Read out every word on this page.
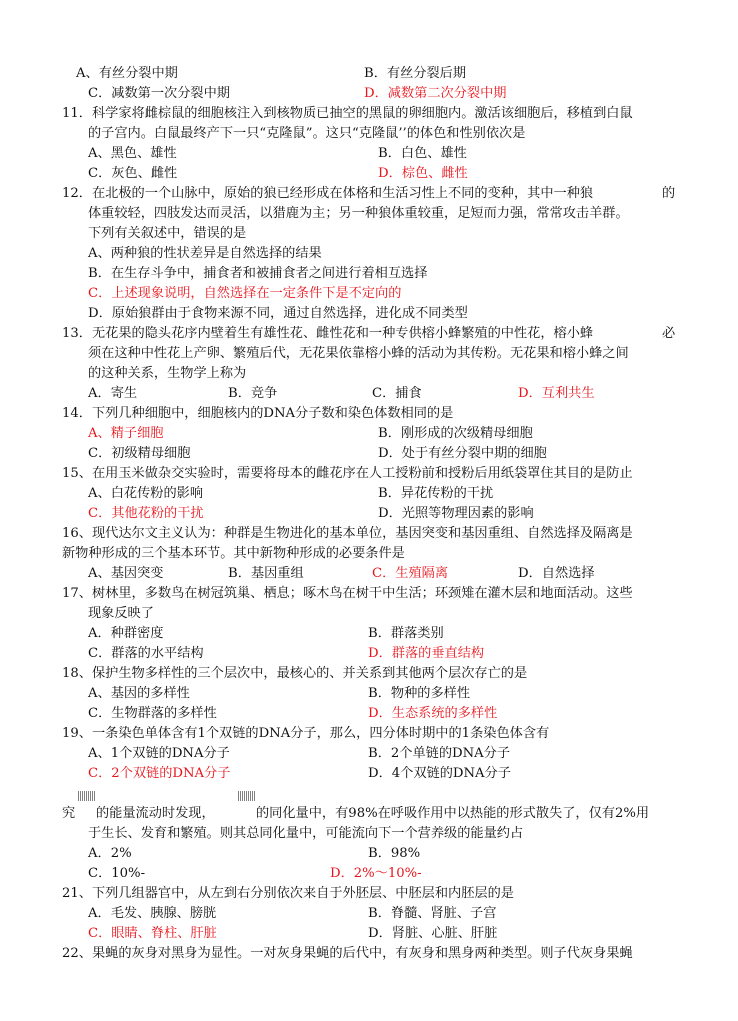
A、有丝分裂中期	B．有丝分裂后期
C．减数第一次分裂中期	D．减数第二次分裂中期
11．科学家将雌棕鼠的细胞核注入到核物质已抽空的黑鼠的卵细胞内。激活该细胞后，移植到白鼠
的子宫内。白鼠最终产下一只“克隆鼠”。这只“克隆鼠’’的体色和性别依次是
A、黑色、雄性	B．白色、雄性
C．灰色、雌性	D．棕色、雌性
12．在北极的一个山脉中，原始的狼已经形成在体格和生活习性上不同的变种，其中一种狼	的
体重较轻，四肢发达而灵活，以猎鹿为主；另一种狼体重较重，足短而力强，常常攻击羊群。
下列有关叙述中，错误的是
A、两种狼的性状差异是自然选择的结果
B．在生存斗争中，捕食者和被捕食者之间进行着相互选择
C．上述现象说明，自然选择在一定条件下是不定向的
D．原始狼群由于食物来源不同，通过自然选择，进化成不同类型
13．无花果的隐头花序内壁着生有雄性花、雌性花和一种专供榕小蜂繁殖的中性花，榕小蜂	必
须在这种中性花上产卵、繁殖后代，无花果依靠榕小蜂的活动为其传粉。无花果和榕小蜂之间
的这种关系，生物学上称为
A．寄生	B．竞争	C．捕食	D．互利共生
14．下列几种细胞中，细胞核内的DNA分子数和染色体数相同的是
A、精子细胞	B．刚形成的次级精母细胞
C．初级精母细胞	D．处于有丝分裂中期的细胞
15、在用玉米做杂交实验时，需要将母本的雌花序在人工授粉前和授粉后用纸袋罩住其目的是防止
A、白花传粉的影响	B．异花传粉的干扰
C．其他花粉的干扰	D．光照等物理因素的影响
16、现代达尔文主义认为：种群是生物进化的基本单位，基因突变和基因重组、自然选择及隔离是
新物种形成的三个基本环节。其中新物种形成的必要条件是
A、基因突变	B．基因重组	C．生殖隔离	D．自然选择
17、树林里，多数鸟在树冠筑巢、栖息；啄木鸟在树干中生活；环颈雉在灌木层和地面活动。这些
现象反映了
A．种群密度	B．群落类别
C．群落的水平结构	D．群落的垂直结构
18、保护生物多样性的三个层次中，最核心的、并关系到其他两个层次存亡的是
A、基因的多样性	B．物种的多样性
C．生物群落的多样性	D．生态系统的多样性
19、一条染色单体含有1个双链的DNA分子，那么，四分体时期中的1条染色体含有
A、1个双链的DNA分子	B．2个单链的DNA分子
C．2个双链的DNA分子	D．4个双链的DNA分子
究 的能量流动时发现，	的同化量中，有98%在呼吸作用中以热能的形式散失了，仅有2%用
于生长、发育和繁殖。则其总同化量中，可能流向下一个营养级的能量约占
A．2%	B．98%
C．10%-	D．2%～10%-
21、下列几组器官中，从左到右分别依次来自于外胚层、中胚层和内胚层的是
A．毛发、胰腺、膀胱	B．脊髓、肾脏、子宫
C．眼睛、脊柱、肝脏	D．肾脏、心脏、肝脏
22、果蝇的灰身对黑身为显性。一对灰身果蝇的后代中，有灰身和黑身两种类型。则子代灰身果蝇
